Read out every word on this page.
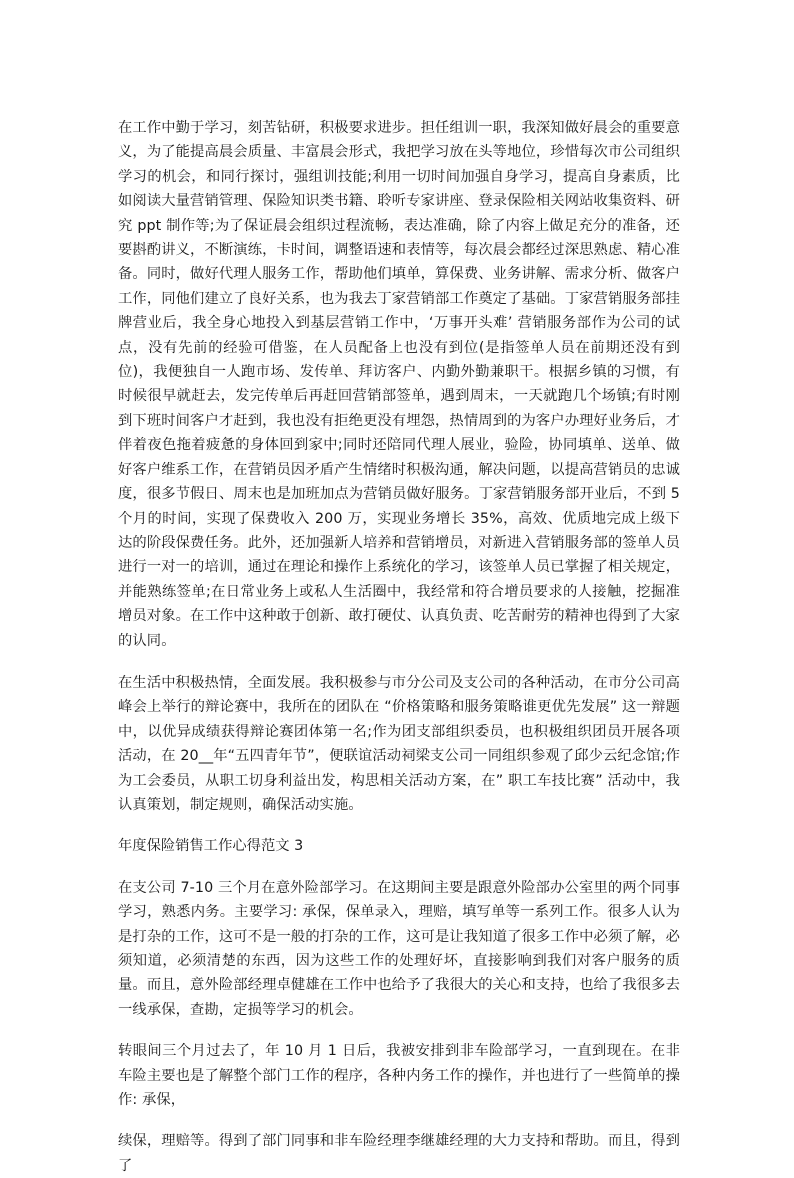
在工作中勤于学习，刻苦钻研，积极要求进步。担任组训一职，我深知做好晨会的重要意义，为了能提高晨会质量、丰富晨会形式，我把学习放在头等地位，珍惜每次市公司组织学习的机会，和同行探讨，强组训技能;利用一切时间加强自身学习，提高自身素质，比如阅读大量营销管理、保险知识类书籍、聆听专家讲座、登录保险相关网站收集资料、研究 ppt 制作等;为了保证晨会组织过程流畅，表达准确，除了内容上做足充分的准备，还要斟酌讲义，不断演练，卡时间，调整语速和表情等，每次晨会都经过深思熟虑、精心准备。同时，做好代理人服务工作，帮助他们填单，算保费、业务讲解、需求分析、做客户工作，同他们建立了良好关系，也为我去丁家营销部工作奠定了基础。丁家营销服务部挂牌营业后，我全身心地投入到基层营销工作中，‘万事开头难’ 营销服务部作为公司的试点，没有先前的经验可借鉴，在人员配备上也没有到位(是指签单人员在前期还没有到位)，我便独自一人跑市场、发传单、拜访客户、内勤外勤兼职干。根据乡镇的习惯，有时候很早就赶去，发完传单后再赶回营销部签单，遇到周末，一天就跑几个场镇;有时刚到下班时间客户才赶到，我也没有拒绝更没有埋怨，热情周到的为客户办理好业务后，才伴着夜色拖着疲惫的身体回到家中;同时还陪同代理人展业，验险，协同填单、送单、做好客户维系工作，在营销员因矛盾产生情绪时积极沟通，解决问题，以提高营销员的忠诚度，很多节假日、周末也是加班加点为营销员做好服务。丁家营销服务部开业后，不到 5 个月的时间，实现了保费收入 200 万，实现业务增长 35%，高效、优质地完成上级下达的阶段保费任务。此外，还加强新人培养和营销增员，对新进入营销服务部的签单人员进行一对一的培训，通过在理论和操作上系统化的学习，该签单人员已掌握了相关规定，并能熟练签单;在日常业务上或私人生活圈中，我经常和符合增员要求的人接触，挖掘准增员对象。在工作中这种敢于创新、敢打硬仗、认真负责、吃苦耐劳的精神也得到了大家的认同。

在生活中积极热情，全面发展。我积极参与市分公司及支公司的各种活动，在市分公司高峰会上举行的辩论赛中，我所在的团队在 “价格策略和服务策略谁更优先发展” 这一辩题中，以优异成绩获得辩论赛团体第一名;作为团支部组织委员，也积极组织团员开展各项活动，在 20__年“五四青年节”，便联谊活动祠梁支公司一同组织参观了邱少云纪念馆;作为工会委员，从职工切身利益出发，构思相关活动方案，在” 职工车技比赛” 活动中，我认真策划，制定规则，确保活动实施。

年度保险销售工作心得范文 3

在支公司 7-10 三个月在意外险部学习。在这期间主要是跟意外险部办公室里的两个同事学习，熟悉内务。主要学习: 承保，保单录入，理赔，填写单等一系列工作。很多人认为是打杂的工作，这可不是一般的打杂的工作，这可是让我知道了很多工作中必须了解，必须知道，必须清楚的东西，因为这些工作的处理好坏，直接影响到我们对客户服务的质量。而且，意外险部经理卓健雄在工作中也给予了我很大的关心和支持，也给了我很多去一线承保，查勘，定损等学习的机会。

转眼间三个月过去了，年 10 月 1 日后，我被安排到非车险部学习，一直到现在。在非车险主要也是了解整个部门工作的程序，各种内务工作的操作，并也进行了一些简单的操作: 承保，

续保，理赔等。得到了部门同事和非车险经理李继雄经理的大力支持和帮助。而且，得到了
